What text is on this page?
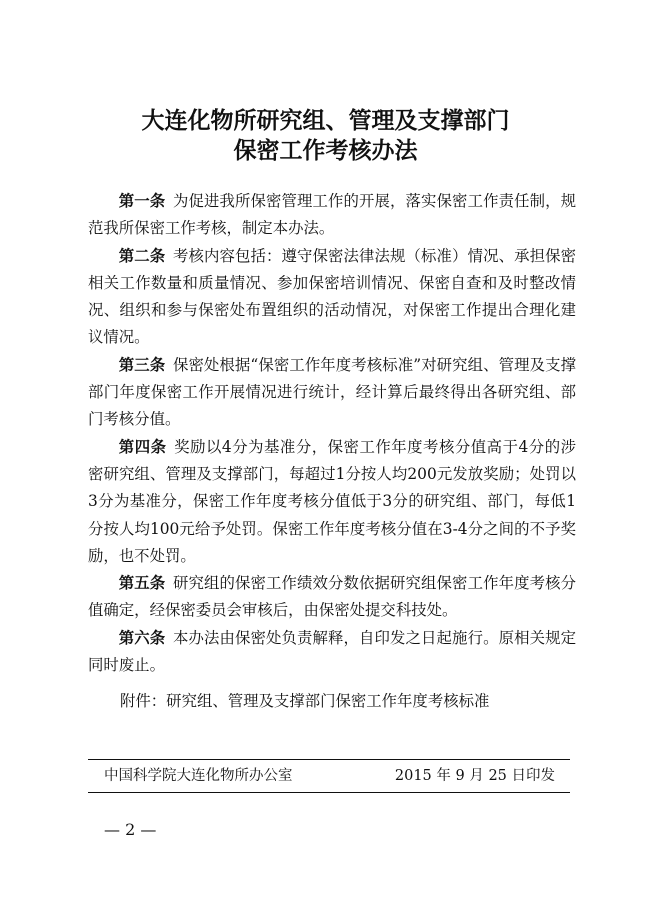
大连化物所研究组、管理及支撑部门
保密工作考核办法

第一条 为促进我所保密管理工作的开展，落实保密工作责任制，规范我所保密工作考核，制定本办法。

第二条 考核内容包括：遵守保密法律法规（标准）情况、承担保密相关工作数量和质量情况、参加保密培训情况、保密自查和及时整改情况、组织和参与保密处布置组织的活动情况，对保密工作提出合理化建议情况。

第三条 保密处根据“保密工作年度考核标准”对研究组、管理及支撑部门年度保密工作开展情况进行统计，经计算后最终得出各研究组、部门考核分值。

第四条 奖励以4分为基准分，保密工作年度考核分值高于4分的涉密研究组、管理及支撑部门，每超过1分按人均200元发放奖励；处罚以3分为基准分，保密工作年度考核分值低于3分的研究组、部门，每低1分按人均100元给予处罚。保密工作年度考核分值在3-4分之间的不予奖励，也不处罚。

第五条 研究组的保密工作绩效分数依据研究组保密工作年度考核分值确定，经保密委员会审核后，由保密处提交科技处。

第六条 本办法由保密处负责解释，自印发之日起施行。原相关规定同时废止。

附件：研究组、管理及支撑部门保密工作年度考核标准
中国科学院大连化物所办公室	2015 年 9 月 25 日印发
— 2 —
